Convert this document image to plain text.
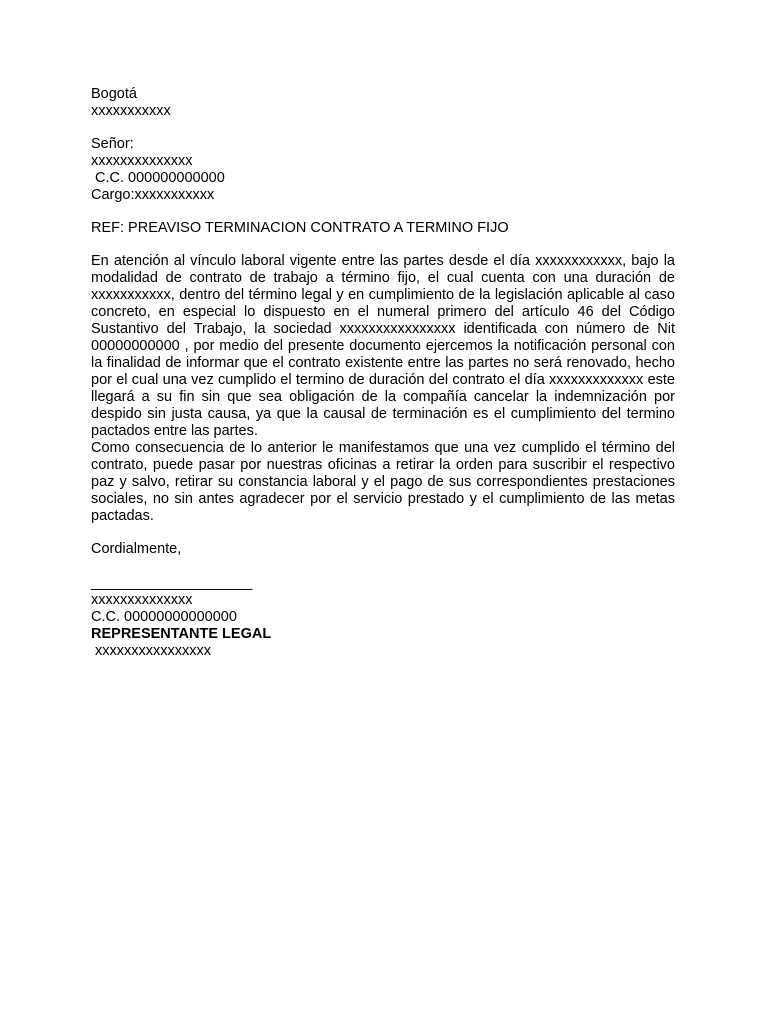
Bogotá
xxxxxxxxxxx
Señor:
xxxxxxxxxxxxxx
C.C. 000000000000
Cargo:xxxxxxxxxxx
REF: PREAVISO TERMINACION CONTRATO A TERMINO FIJO

En atención al vínculo laboral vigente entre las partes desde el día xxxxxxxxxxxx, bajo la modalidad de contrato de trabajo a término fijo, el cual cuenta con una duración de xxxxxxxxxxx, dentro del término legal y en cumplimiento de la legislación aplicable al caso concreto, en especial lo dispuesto en el numeral primero del artículo 46 del Código Sustantivo del Trabajo, la sociedad xxxxxxxxxxxxxxxx identificada con número de Nit 00000000000 , por medio del presente documento ejercemos la notificación personal con la finalidad de informar que el contrato existente entre las partes no será renovado, hecho por el cual una vez cumplido el termino de duración del contrato el día xxxxxxxxxxxxx este llegará a su fin sin que sea obligación de la compañía cancelar la indemnización por despido sin justa causa, ya que la causal de terminación es el cumplimiento del termino pactados entre las partes.

Como consecuencia de lo anterior le manifestamos que una vez cumplido el término del contrato, puede pasar por nuestras oficinas a retirar la orden para suscribir el respectivo paz y salvo, retirar su constancia laboral y el pago de sus correspondientes prestaciones sociales, no sin antes agradecer por el servicio prestado y el cumplimiento de las metas pactadas.

Cordialmente,
____________________
xxxxxxxxxxxxxx
C.C. 00000000000000
REPRESENTANTE LEGAL
xxxxxxxxxxxxxxxx
